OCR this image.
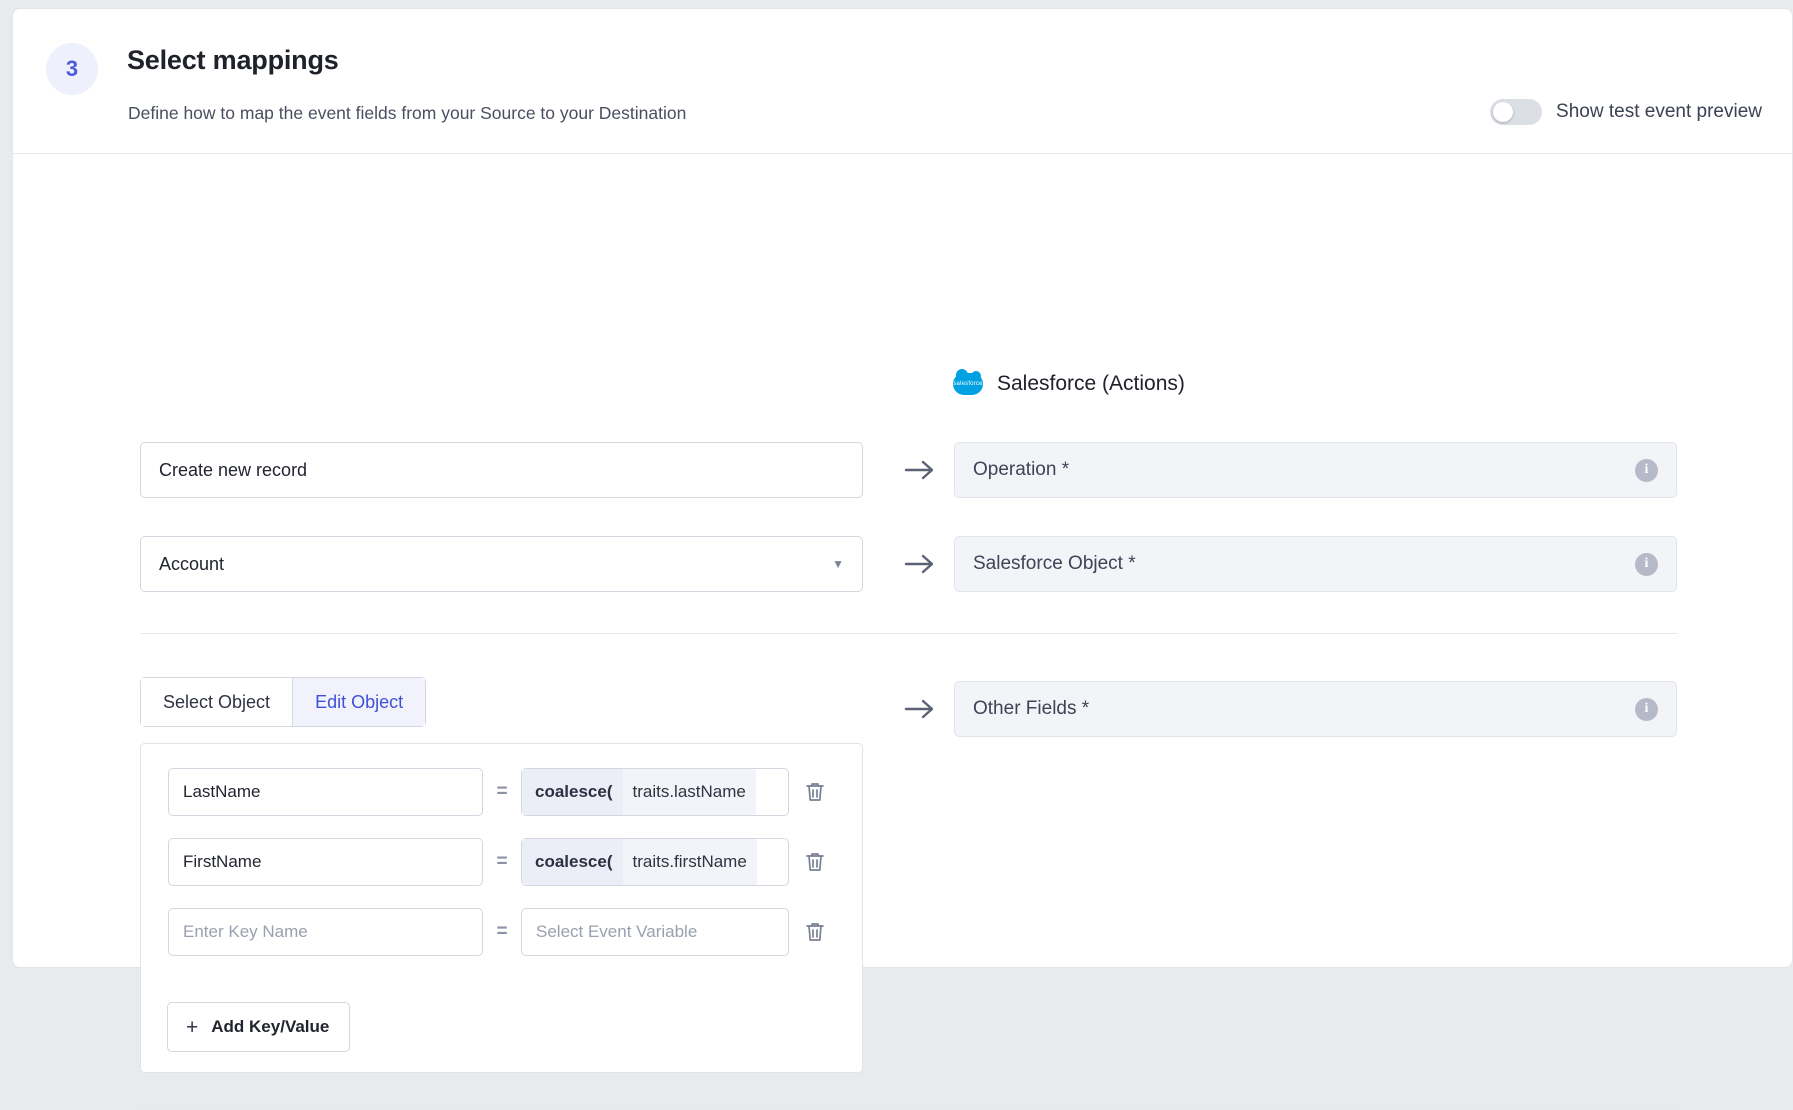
3	Select mappings
Define how to map the event fields from your Source to your Destination	Show test event preview
salesforce Salesforce (Actions)
Create new record	Operation *	i
Account	▼	Salesforce Object *	i
Select Object	Edit Object	Other Fields *	i
LastName	=	coalesce(	traits.lastName
FirstName	=	coalesce(	traits.firstName
Enter Key Name	=	Select Event Variable
+ Add Key/Value
